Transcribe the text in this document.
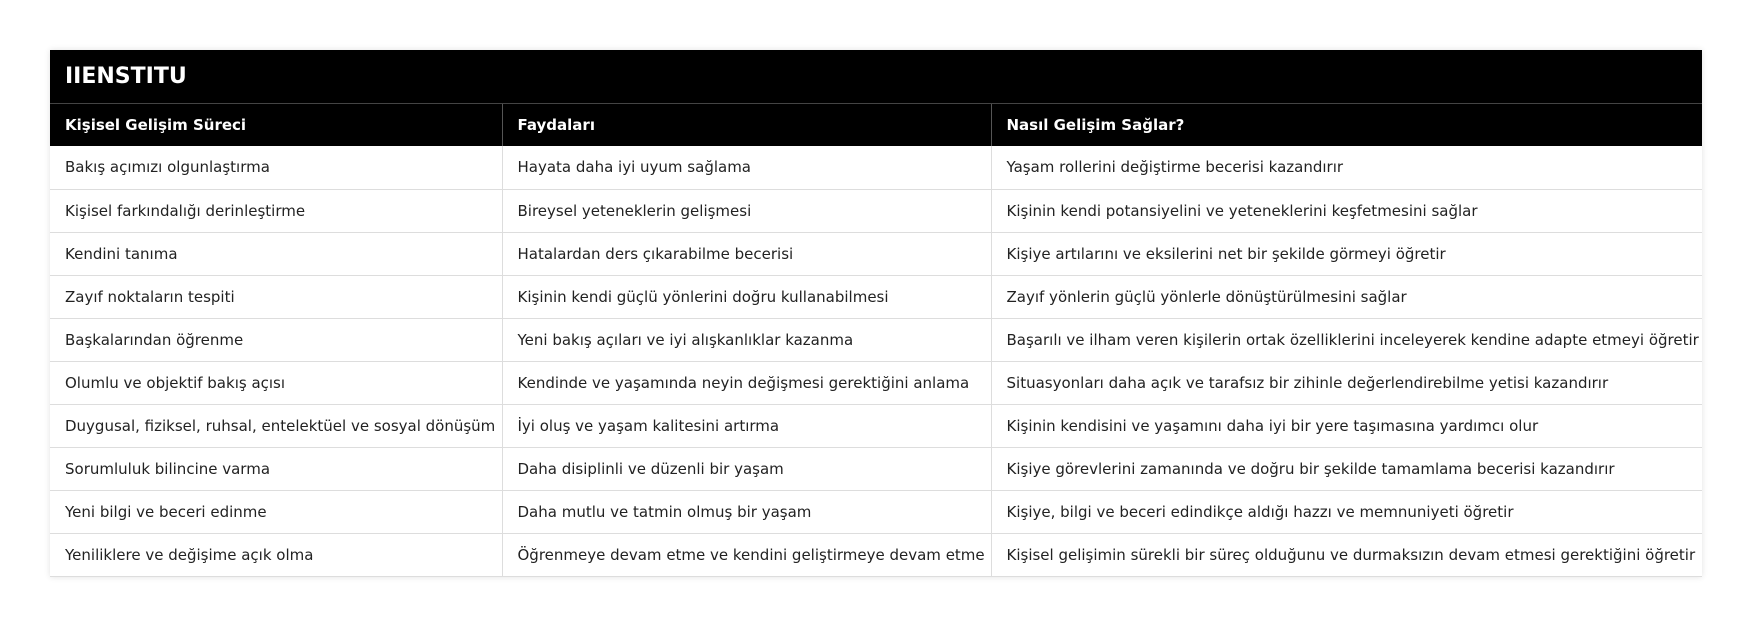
IIENSTITU
Kişisel Gelişim Süreci	Faydaları	Nasıl Gelişim Sağlar?
Bakış açımızı olgunlaştırma	Hayata daha iyi uyum sağlama	Yaşam rollerini değiştirme becerisi kazandırır
Kişisel farkındalığı derinleştirme	Bireysel yeteneklerin gelişmesi	Kişinin kendi potansiyelini ve yeteneklerini keşfetmesini sağlar
Kendini tanıma	Hatalardan ders çıkarabilme becerisi	Kişiye artılarını ve eksilerini net bir şekilde görmeyi öğretir
Zayıf noktaların tespiti	Kişinin kendi güçlü yönlerini doğru kullanabilmesi	Zayıf yönlerin güçlü yönlerle dönüştürülmesini sağlar
Başkalarından öğrenme	Yeni bakış açıları ve iyi alışkanlıklar kazanma	Başarılı ve ilham veren kişilerin ortak özelliklerini inceleyerek kendine adapte etmeyi öğretir
Olumlu ve objektif bakış açısı	Kendinde ve yaşamında neyin değişmesi gerektiğini anlama	Situasyonları daha açık ve tarafsız bir zihinle değerlendirebilme yetisi kazandırır
Duygusal, fiziksel, ruhsal, entelektüel ve sosyal dönüşüm	İyi oluş ve yaşam kalitesini artırma	Kişinin kendisini ve yaşamını daha iyi bir yere taşımasına yardımcı olur
Sorumluluk bilincine varma	Daha disiplinli ve düzenli bir yaşam	Kişiye görevlerini zamanında ve doğru bir şekilde tamamlama becerisi kazandırır
Yeni bilgi ve beceri edinme	Daha mutlu ve tatmin olmuş bir yaşam	Kişiye, bilgi ve beceri edindikçe aldığı hazzı ve memnuniyeti öğretir
Yeniliklere ve değişime açık olma	Öğrenmeye devam etme ve kendini geliştirmeye devam etme	Kişisel gelişimin sürekli bir süreç olduğunu ve durmaksızın devam etmesi gerektiğini öğretir
